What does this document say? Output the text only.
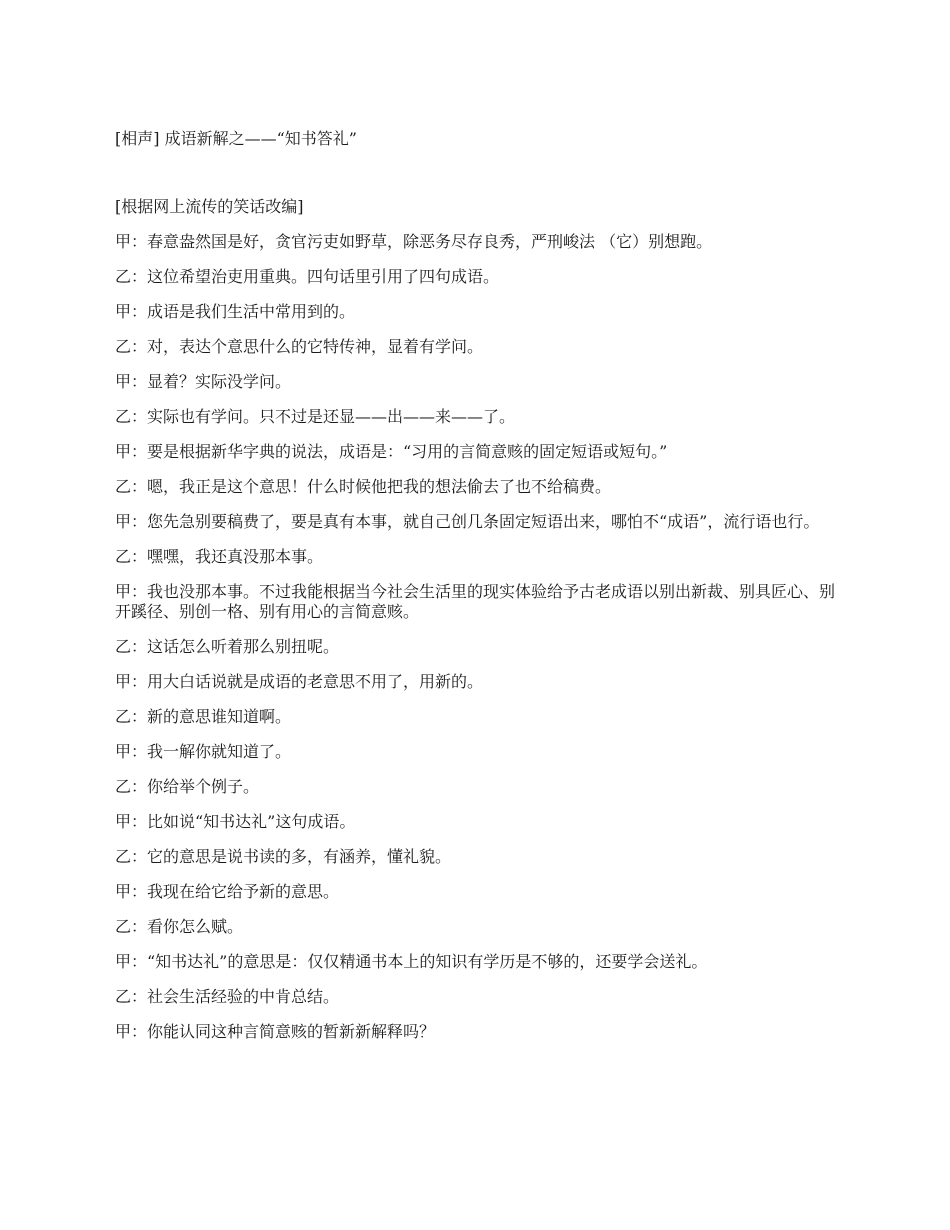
[相声] 成语新解之——“知书答礼”

[根据网上流传的笑话改编]

甲：春意盎然国是好，贪官污吏如野草，除恶务尽存良秀，严刑峻法 （它）别想跑。

乙：这位希望治吏用重典。四句话里引用了四句成语。

甲：成语是我们生活中常用到的。

乙：对，表达个意思什么的它特传神，显着有学问。

甲：显着？实际没学问。

乙：实际也有学问。只不过是还显——出——来——了。

甲：要是根据新华字典的说法，成语是：“习用的言简意赅的固定短语或短句。”

乙：嗯，我正是这个意思！什么时候他把我的想法偷去了也不给稿费。

甲：您先急别要稿费了，要是真有本事，就自己创几条固定短语出来，哪怕不“成语”，流行语也行。

乙：嘿嘿，我还真没那本事。

甲：我也没那本事。不过我能根据当今社会生活里的现实体验给予古老成语以别出新裁、别具匠心、别开蹊径、别创一格、别有用心的言简意赅。

乙：这话怎么听着那么别扭呢。

甲：用大白话说就是成语的老意思不用了，用新的。

乙：新的意思谁知道啊。

甲：我一解你就知道了。

乙：你给举个例子。

甲：比如说“知书达礼”这句成语。

乙：它的意思是说书读的多，有涵养，懂礼貌。

甲：我现在给它给予新的意思。

乙：看你怎么赋。

甲：“知书达礼”的意思是：仅仅精通书本上的知识有学历是不够的，还要学会送礼。

乙：社会生活经验的中肯总结。

甲：你能认同这种言简意赅的暂新新解释吗？
